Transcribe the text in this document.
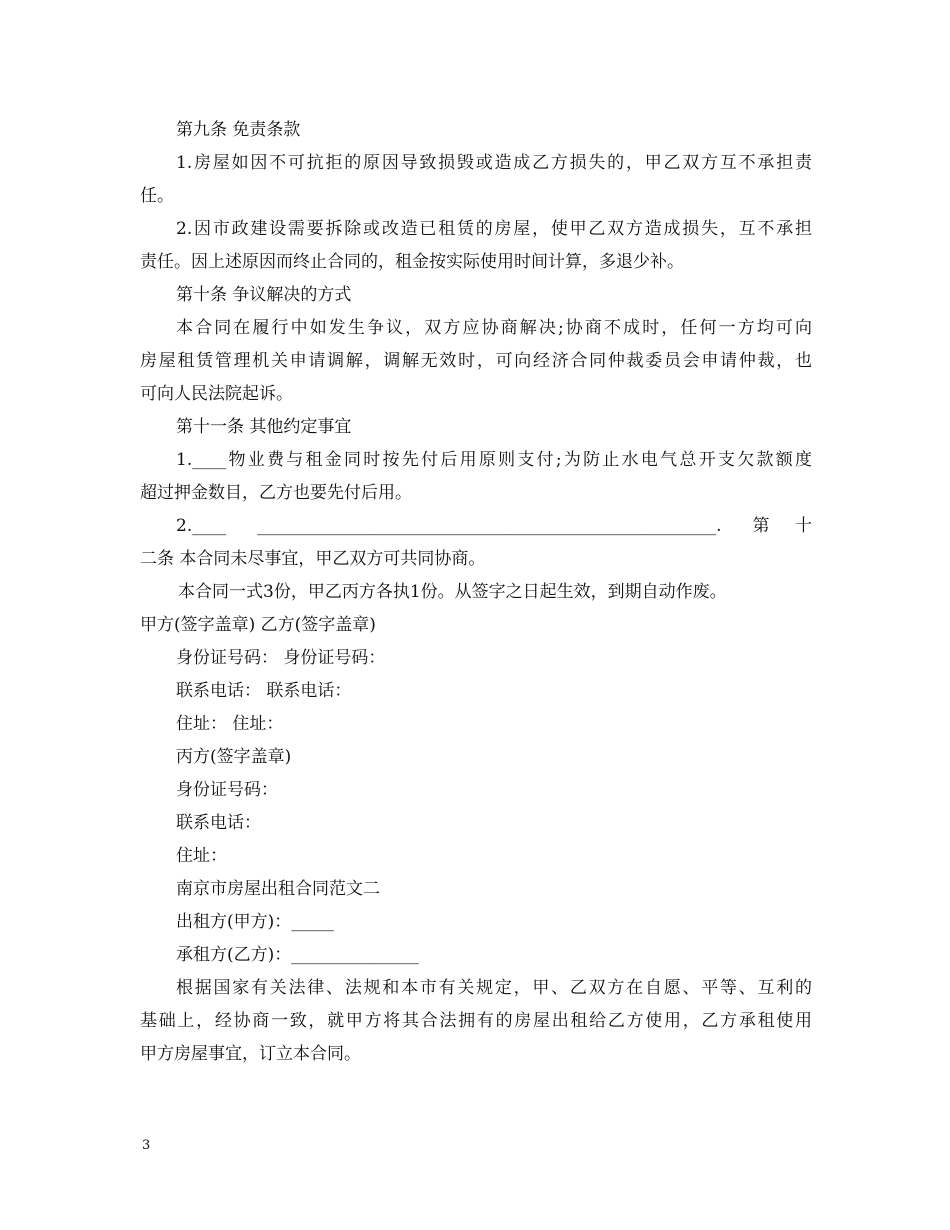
第九条 免责条款
1.房屋如因不可抗拒的原因导致损毁或造成乙方损失的，甲乙双方互不承担责
任。
2.因市政建设需要拆除或改造已租赁的房屋，使甲乙双方造成损失，互不承担
责任。因上述原因而终止合同的，租金按实际使用时间计算，多退少补。
第十条 争议解决的方式
本合同在履行中如发生争议，双方应协商解决;协商不成时，任何一方均可向
房屋租赁管理机关申请调解，调解无效时，可向经济合同仲裁委员会申请仲裁，也
可向人民法院起诉。
第十一条 其他约定事宜
1.____物业费与租金同时按先付后用原则支付;为防止水电气总开支欠款额度
超过押金数目，乙方也要先付后用。
2.____ ______________________________________________________. 第十
二条 本合同未尽事宜，甲乙双方可共同协商。
本合同一式3份，甲乙丙方各执1份。从签字之日起生效，到期自动作废。
甲方(签字盖章) 乙方(签字盖章)
身份证号码： 身份证号码：
联系电话： 联系电话：
住址： 住址：
丙方(签字盖章)
身份证号码：
联系电话：
住址：
南京市房屋出租合同范文二
出租方(甲方)：_____
承租方(乙方)：_______________
根据国家有关法律、法规和本市有关规定，甲、乙双方在自愿、平等、互利的
基础上，经协商一致，就甲方将其合法拥有的房屋出租给乙方使用，乙方承租使用
甲方房屋事宜，订立本合同。
3
